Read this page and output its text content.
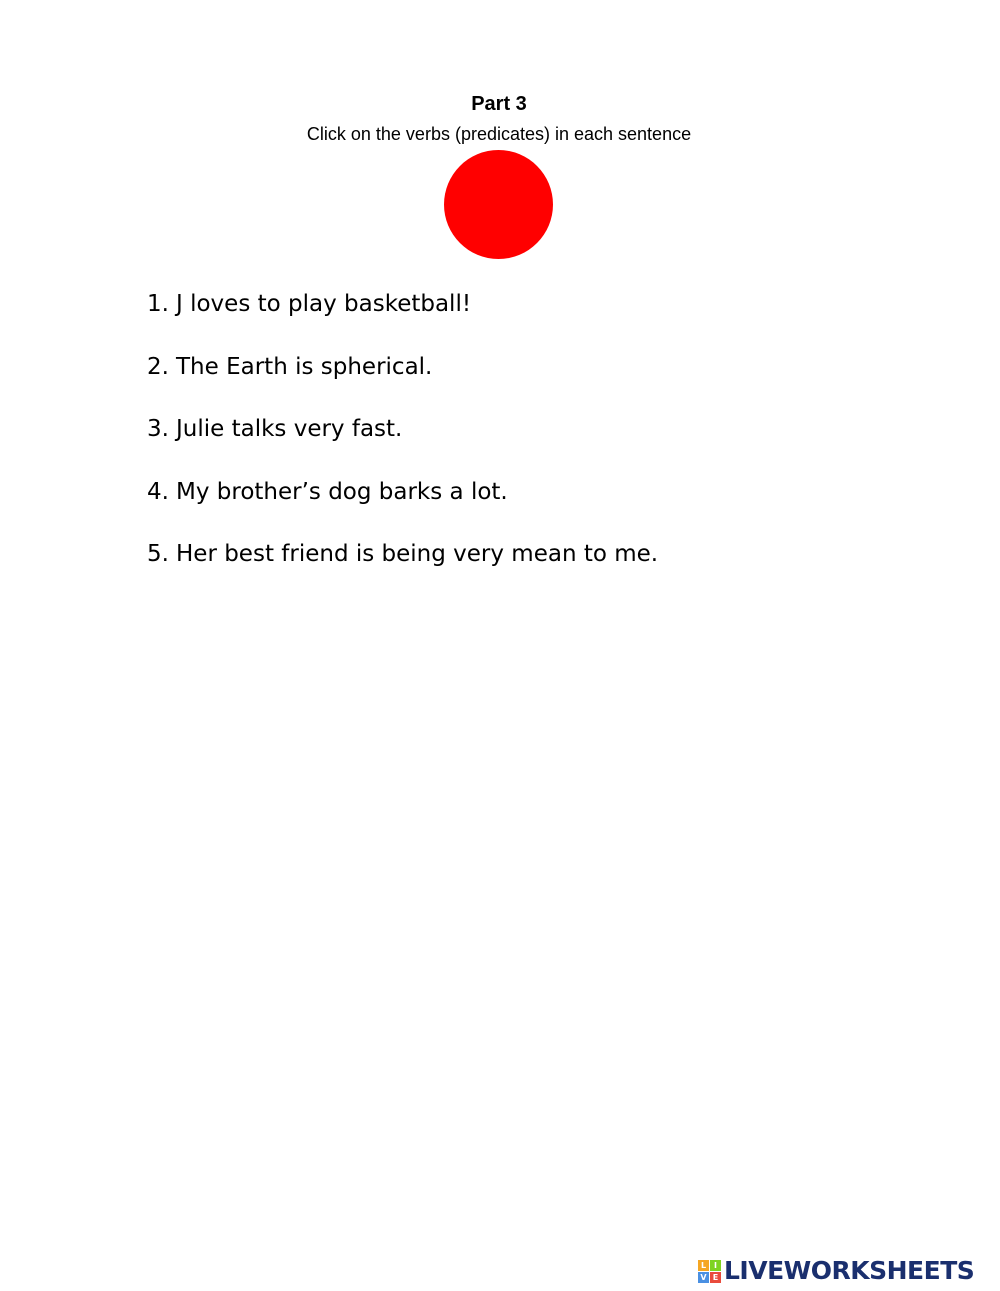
Part 3
Click on the verbs (predicates) in each sentence
1. J loves to play basketball!
2. The Earth is spherical.
3. Julie talks very fast.
4. My brother’s dog barks a lot.
5. Her best friend is being very mean to me.
L I
V E LIVEWORKSHEETS
